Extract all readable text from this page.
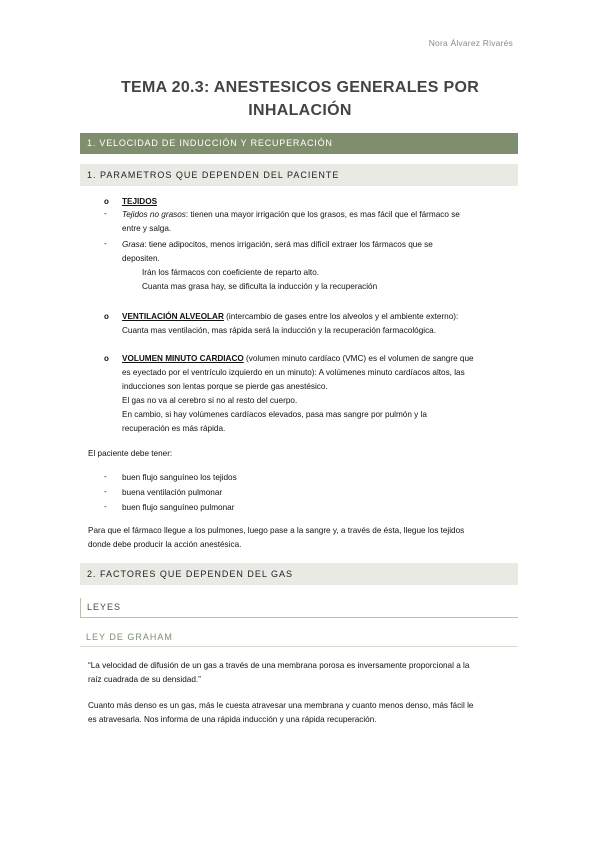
Nora Álvarez Rivarés
TEMA 20.3: ANESTESICOS GENERALES POR
INHALACIÓN
1. VELOCIDAD DE INDUCCIÓN Y RECUPERACIÓN
1. PARAMETROS QUE DEPENDEN DEL PACIENTE
o TEJIDOS
- Tejidos no grasos: tienen una mayor irrigación que los grasos, es mas fácil que el fármaco se
entre y salga.
- Grasa: tiene adipocitos, menos irrigación, será mas difícil extraer los fármacos que se
depositen.
Irán los fármacos con coeficiente de reparto alto.
Cuanta mas grasa hay, se dificulta la inducción y la recuperación
o VENTILACIÓN ALVEOLAR (intercambio de gases entre los alveolos y el ambiente externo):
Cuanta mas ventilación, mas rápida será la inducción y la recuperación farmacológica.
o VOLUMEN MINUTO CARDIACO (volumen minuto cardíaco (VMC) es el volumen de sangre que
es eyectado por el ventrículo izquierdo en un minuto): A volúmenes minuto cardíacos altos, las
inducciones son lentas porque se pierde gas anestésico.
El gas no va al cerebro si no al resto del cuerpo.
En cambio, si hay volúmenes cardíacos elevados, pasa mas sangre por pulmón y la
recuperación es más rápida.
El paciente debe tener:
- buen flujo sanguíneo los tejidos
- buena ventilación pulmonar
- buen flujo sanguíneo pulmonar
Para que el fármaco llegue a los pulmones, luego pase a la sangre y, a través de ésta, llegue los tejidos
donde debe producir la acción anestésica.
2. FACTORES QUE DEPENDEN DEL GAS
LEYES
LEY DE GRAHAM
“La velocidad de difusión de un gas a través de una membrana porosa es inversamente proporcional a la
raíz cuadrada de su densidad.”
Cuanto más denso es un gas, más le cuesta atravesar una membrana y cuanto menos denso, más fácil le
es atravesarla. Nos informa de una rápida inducción y una rápida recuperación.
